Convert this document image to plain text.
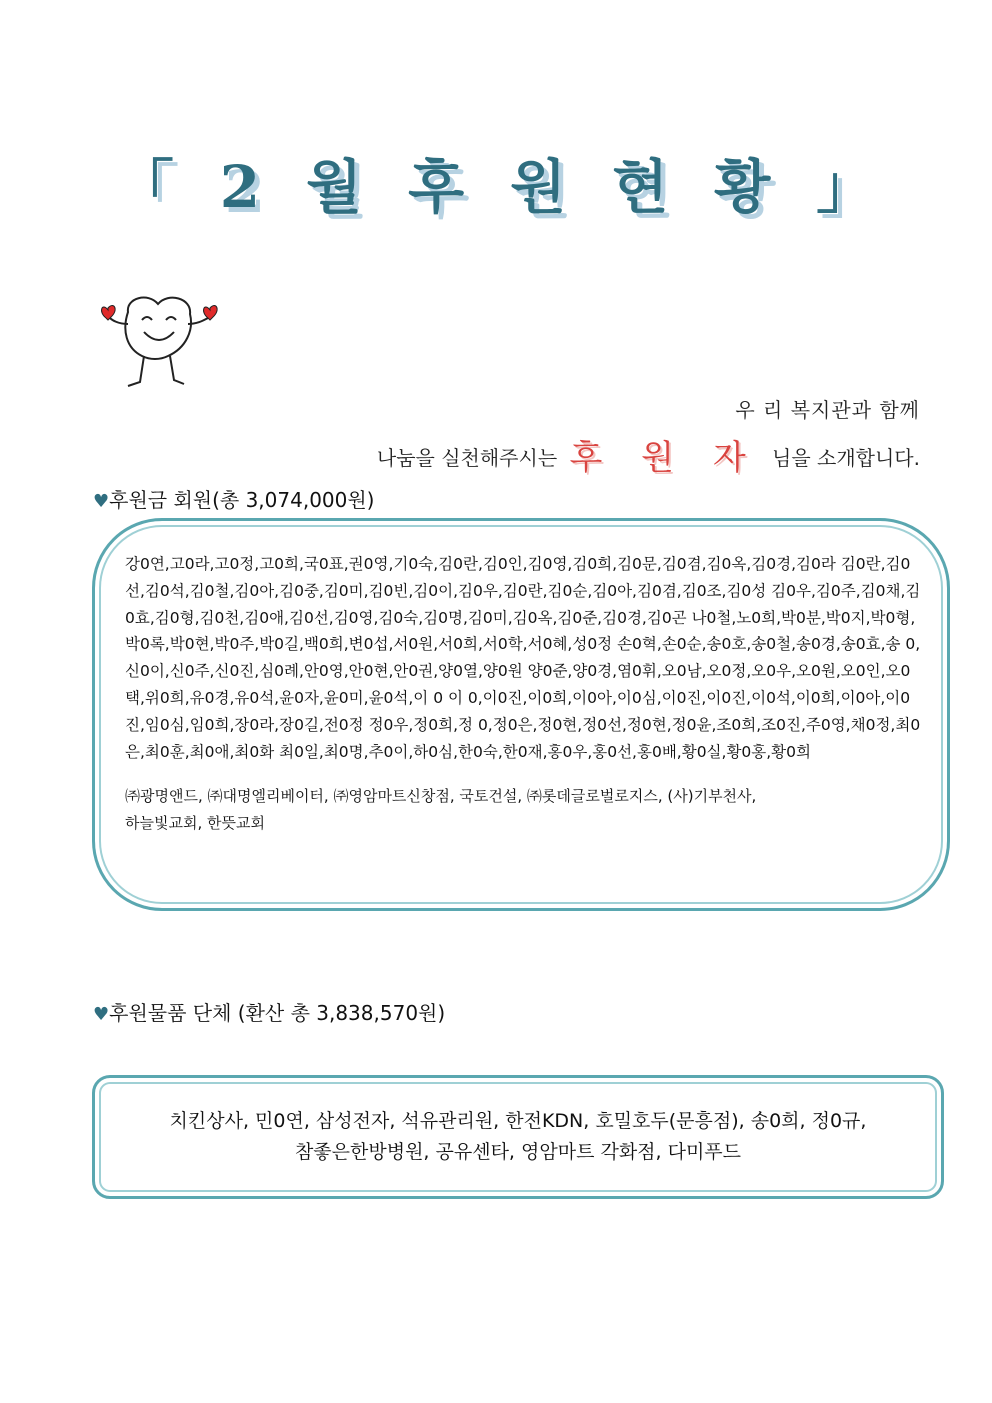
「 2 월 후 원 현 황 」
우 리 복지관과 함께
나눔을 실천해주시는 후 원 자 님을 소개합니다.
♥후원금 회원(총 3,074,000원)
강0연,고0라,고0정,고0희,국0표,권0영,기0숙,김0란,김0인,김0영,김0희,김0문,김0겸,김0옥,김0경,김0라 김0란,김0선,김0석,김0철,김0아,김0중,김0미,김0빈,김0이,김0우,김0란,김0순,김0아,김0겸,김0조,김0성 김0우,김0주,김0채,김0효,김0형,김0천,김0애,김0선,김0영,김0숙,김0명,김0미,김0옥,김0준,김0경,김0곤 나0철,노0희,박0분,박0지,박0형,박0록,박0현,박0주,박0길,백0희,변0섭,서0원,서0희,서0학,서0혜,성0정 손0혁,손0순,송0호,송0철,송0경,송0효,송 0,신0이,신0주,신0진,심0례,안0영,안0현,안0권,양0열,양0원 양0준,양0경,염0휘,오0남,오0정,오0우,오0원,오0인,오0택,위0희,유0경,유0석,윤0자,윤0미,윤0석,이 0 이 0,이0진,이0희,이0아,이0심,이0진,이0진,이0석,이0희,이0아,이0진,임0심,임0희,장0라,장0길,전0정 정0우,정0희,정 0,정0은,정0현,정0선,정0현,정0윤,조0희,조0진,주0영,채0정,최0은,최0훈,최0애,최0화 최0일,최0명,추0이,하0심,한0숙,한0재,홍0우,홍0선,홍0배,황0실,황0홍,황0희
㈜광명앤드, ㈜대명엘리베이터, ㈜영암마트신창점, 국토건설, ㈜롯데글로벌로지스, (사)기부천사,
하늘빛교회, 한뜻교회
♥후원물품 단체 (환산 총 3,838,570원)
치킨상사, 민0연, 삼성전자, 석유관리원, 한전KDN, 호밀호두(문흥점), 송0희, 정0규,
참좋은한방병원, 공유센타, 영암마트 각화점, 다미푸드
